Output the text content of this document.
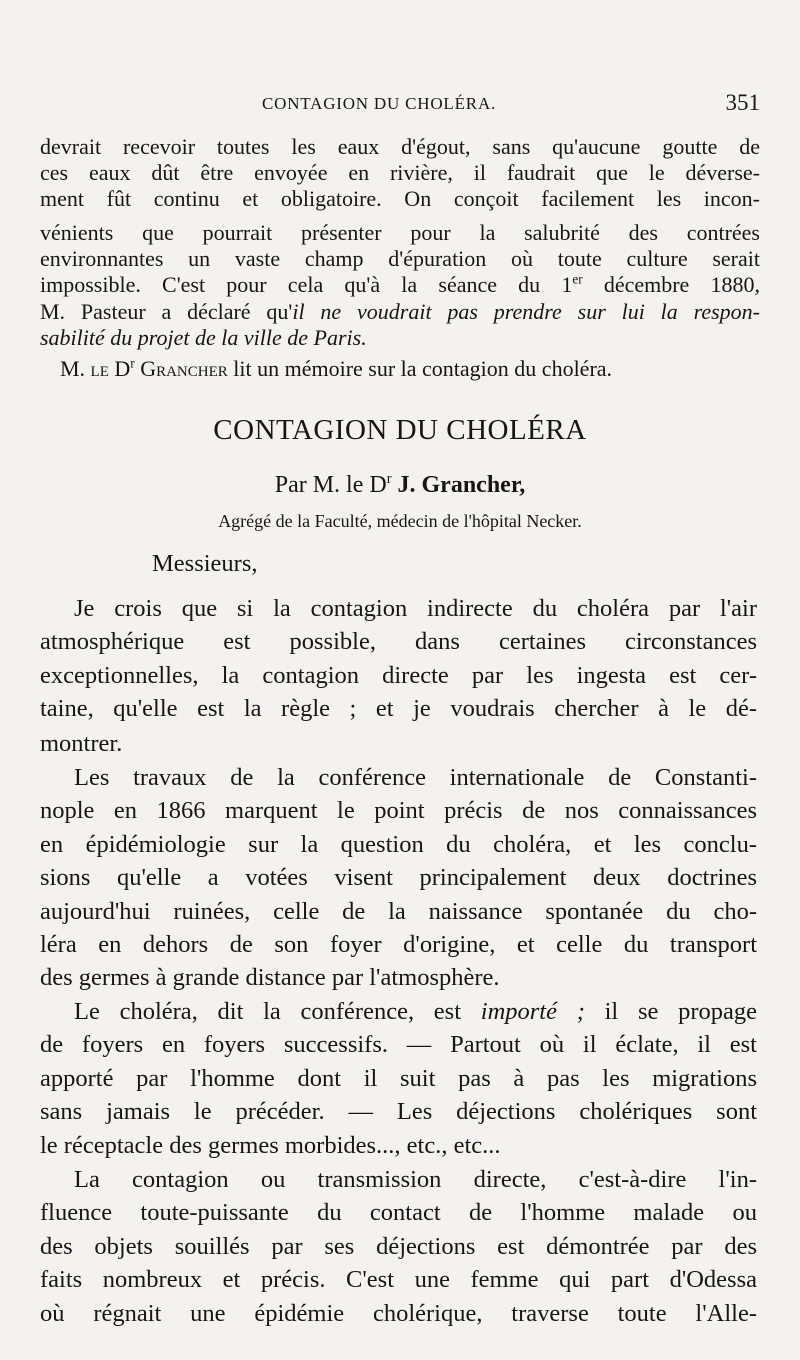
CONTAGION DU CHOLÉRA.	351
devrait recevoir toutes les eaux d'égout, sans qu'aucune goutte de
ces eaux dût être envoyée en rivière, il faudrait que le déverse-
ment fût continu et obligatoire. On conçoit facilement les incon-
vénients que pourrait présenter pour la salubrité des contrées
environnantes un vaste champ d'épuration où toute culture serait
impossible. C'est pour cela qu'à la séance du 1er décembre 1880,
M. Pasteur a déclaré qu'il ne voudrait pas prendre sur lui la respon-
sabilité du projet de la ville de Paris.
M. le $D^r$ Grancher lit un mémoire sur la contagion du choléra.
CONTAGION DU CHOLÉRA
Par M. le $D^r$ J. Grancher,
Agrégé de la Faculté, médecin de l'hôpital Necker.
Messieurs,
Je crois que si la contagion indirecte du choléra par l'air
atmosphérique est possible, dans certaines circonstances
exceptionnelles, la contagion directe par les ingesta est cer-
taine, qu'elle est la règle ; et je voudrais chercher à le dé-
montrer.
Les travaux de la conférence internationale de Constanti-
nople en 1866 marquent le point précis de nos connaissances
en épidémiologie sur la question du choléra, et les conclu-
sions qu'elle a votées visent principalement deux doctrines
aujourd'hui ruinées, celle de la naissance spontanée du cho-
léra en dehors de son foyer d'origine, et celle du transport
des germes à grande distance par l'atmosphère.
Le choléra, dit la conférence, est importé ; il se propage
de foyers en foyers successifs. — Partout où il éclate, il est
apporté par l'homme dont il suit pas à pas les migrations
sans jamais le précéder. — Les déjections cholériques sont
le réceptacle des germes morbides..., etc., etc...
La contagion ou transmission directe, c'est-à-dire l'in-
fluence toute-puissante du contact de l'homme malade ou
des objets souillés par ses déjections est démontrée par des
faits nombreux et précis. C'est une femme qui part d'Odessa
où régnait une épidémie cholérique, traverse toute l'Alle-
